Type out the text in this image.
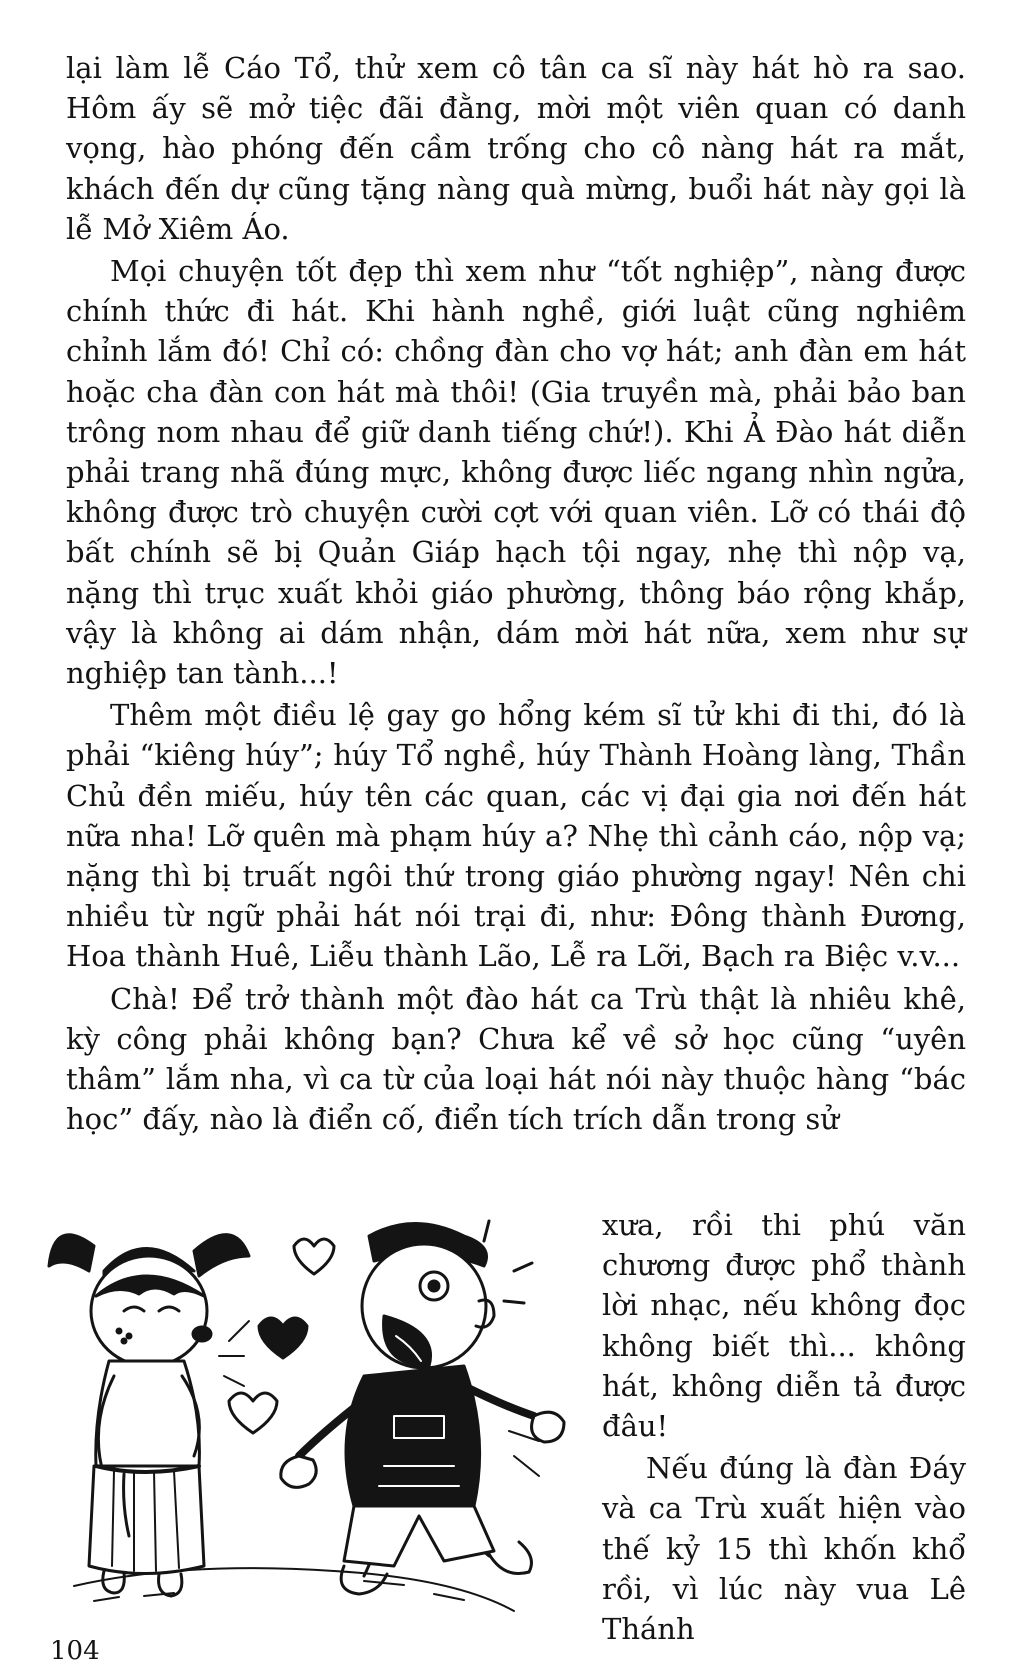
lại làm lễ Cáo Tổ, thử xem cô tân ca sĩ này hát hò ra sao. Hôm ấy sẽ mở tiệc đãi đằng, mời một viên quan có danh vọng, hào phóng đến cầm trống cho cô nàng hát ra mắt, khách đến dự cũng tặng nàng quà mừng, buổi hát này gọi là lễ Mở Xiêm Áo.

Mọi chuyện tốt đẹp thì xem như “tốt nghiệp”, nàng được chính thức đi hát. Khi hành nghề, giới luật cũng nghiêm chỉnh lắm đó! Chỉ có: chồng đàn cho vợ hát; anh đàn em hát hoặc cha đàn con hát mà thôi! (Gia truyền mà, phải bảo ban trông nom nhau để giữ danh tiếng chứ!). Khi Ả Đào hát diễn phải trang nhã đúng mực, không được liếc ngang nhìn ngửa, không được trò chuyện cười cợt với quan viên. Lỡ có thái độ bất chính sẽ bị Quản Giáp hạch tội ngay, nhẹ thì nộp vạ, nặng thì trục xuất khỏi giáo phường, thông báo rộng khắp, vậy là không ai dám nhận, dám mời hát nữa, xem như sự nghiệp tan tành...!

Thêm một điều lệ gay go hổng kém sĩ tử khi đi thi, đó là phải “kiêng húy”; húy Tổ nghề, húy Thành Hoàng làng, Thần Chủ đền miếu, húy tên các quan, các vị đại gia nơi đến hát nữa nha! Lỡ quên mà phạm húy a? Nhẹ thì cảnh cáo, nộp vạ; nặng thì bị truất ngôi thứ trong giáo phường ngay! Nên chi nhiều từ ngữ phải hát nói trại đi, như: Đông thành Đương, Hoa thành Huê, Liễu thành Lão, Lễ ra Lỡi, Bạch ra Biệc v.v...

Chà! Để trở thành một đào hát ca Trù thật là nhiêu khê, kỳ công phải không bạn? Chưa kể về sở học cũng “uyên thâm” lắm nha, vì ca từ của loại hát nói này thuộc hàng “bác học” đấy, nào là điển cố, điển tích trích dẫn trong sử

xưa, rồi thi phú văn chương được phổ thành lời nhạc, nếu không đọc không biết thì... không hát, không diễn tả được đâu!

Nếu đúng là đàn Đáy và ca Trù xuất hiện vào thế kỷ 15 thì khốn khổ rồi, vì lúc này vua Lê Thánh

104
